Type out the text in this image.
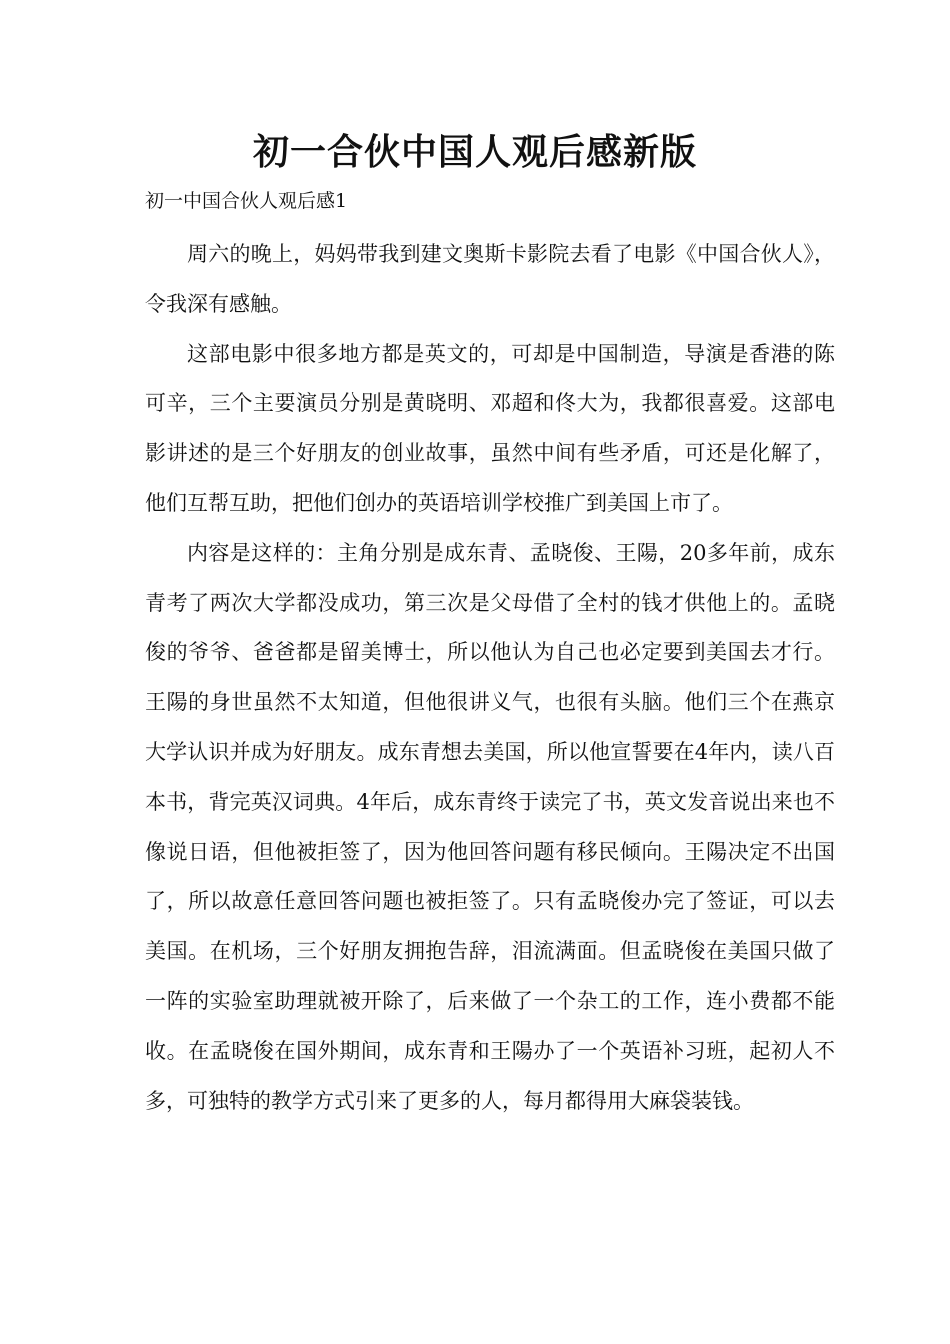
初一合伙中国人观后感新版

初一中国合伙人观后感1

周六的晚上，妈妈带我到建文奥斯卡影院去看了电影《中国合伙人》，令我深有感触。

这部电影中很多地方都是英文的，可却是中国制造，导演是香港的陈可辛，三个主要演员分别是黄晓明、邓超和佟大为，我都很喜爱。这部电影讲述的是三个好朋友的创业故事，虽然中间有些矛盾，可还是化解了，他们互帮互助，把他们创办的英语培训学校推广到美国上市了。

内容是这样的：主角分别是成东青、孟晓俊、王陽，20多年前，成东青考了两次大学都没成功，第三次是父母借了全村的钱才供他上的。孟晓俊的爷爷、爸爸都是留美博士，所以他认为自己也必定要到美国去才行。王陽的身世虽然不太知道，但他很讲义气，也很有头脑。他们三个在燕京大学认识并成为好朋友。成东青想去美国，所以他宣誓要在4年内，读八百本书，背完英汉词典。4年后，成东青终于读完了书，英文发音说出来也不像说日语，但他被拒签了，因为他回答问题有移民倾向。王陽决定不出国了，所以故意任意回答问题也被拒签了。只有孟晓俊办完了签证，可以去美国。在机场，三个好朋友拥抱告辞，泪流满面。但孟晓俊在美国只做了一阵的实验室助理就被开除了，后来做了一个杂工的工作，连小费都不能收。在孟晓俊在国外期间，成东青和王陽办了一个英语补习班，起初人不多，可独特的教学方式引来了更多的人，每月都得用大麻袋装钱。
